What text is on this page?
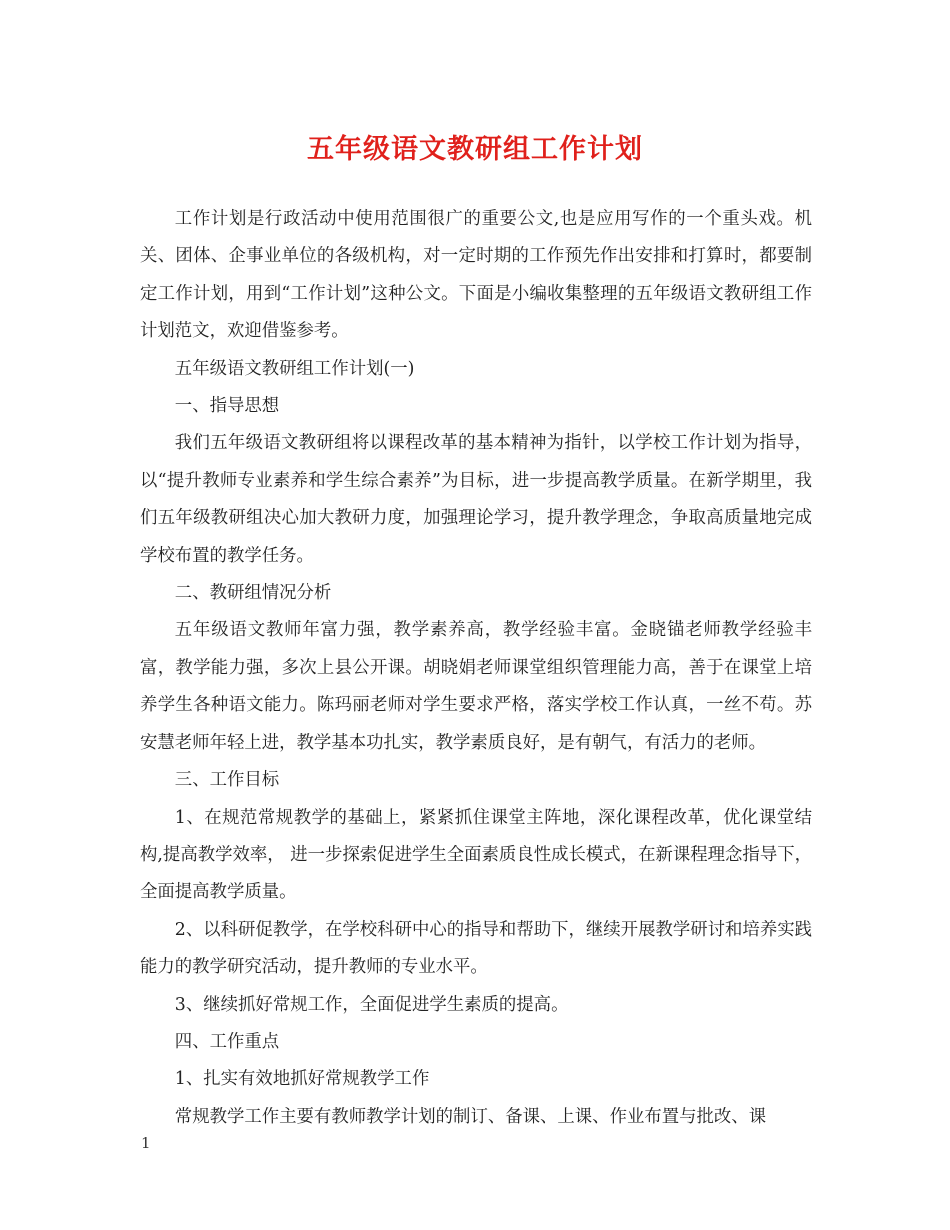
五年级语文教研组工作计划

工作计划是行政活动中使用范围很广的重要公文,也是应用写作的一个重头戏。机关、团体、企事业单位的各级机构，对一定时期的工作预先作出安排和打算时，都要制定工作计划，用到“工作计划”这种公文。下面是小编收集整理的五年级语文教研组工作计划范文，欢迎借鉴参考。

五年级语文教研组工作计划(一)

一、指导思想

我们五年级语文教研组将以课程改革的基本精神为指针，以学校工作计划为指导，以“提升教师专业素养和学生综合素养”为目标，进一步提高教学质量。在新学期里，我们五年级教研组决心加大教研力度，加强理论学习，提升教学理念，争取高质量地完成学校布置的教学任务。

二、教研组情况分析

五年级语文教师年富力强，教学素养高，教学经验丰富。金晓锚老师教学经验丰富，教学能力强，多次上县公开课。胡晓娟老师课堂组织管理能力高，善于在课堂上培养学生各种语文能力。陈玛丽老师对学生要求严格，落实学校工作认真，一丝不苟。苏安慧老师年轻上进，教学基本功扎实，教学素质良好，是有朝气，有活力的老师。

三、工作目标

1、在规范常规教学的基础上，紧紧抓住课堂主阵地，深化课程改革，优化课堂结构,提高教学效率， 进一步探索促进学生全面素质良性成长模式，在新课程理念指导下，全面提高教学质量。

2、以科研促教学，在学校科研中心的指导和帮助下，继续开展教学研讨和培养实践能力的教学研究活动，提升教师的专业水平。

3、继续抓好常规工作，全面促进学生素质的提高。

四、工作重点

1、扎实有效地抓好常规教学工作

常规教学工作主要有教师教学计划的制订、备课、上课、作业布置与批改、课

1
